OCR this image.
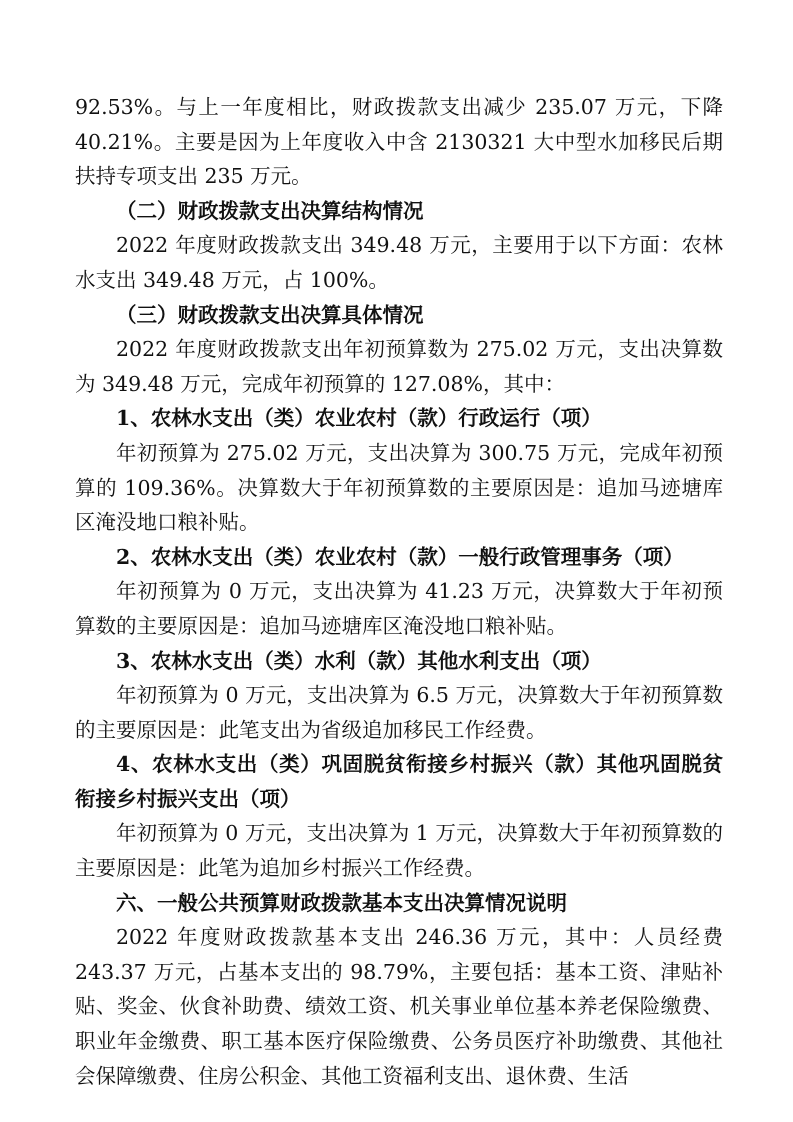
92.53%。与上一年度相比，财政拨款支出减少 235.07 万元，下降 40.21%。主要是因为上年度收入中含 2130321 大中型水加移民后期扶持专项支出 235 万元。

（二）财政拨款支出决算结构情况

2022 年度财政拨款支出 349.48 万元，主要用于以下方面：农林水支出 349.48 万元，占 100%。

（三）财政拨款支出决算具体情况

2022 年度财政拨款支出年初预算数为 275.02 万元，支出决算数为 349.48 万元，完成年初预算的 127.08%，其中：

1、农林水支出（类）农业农村（款）行政运行（项）

年初预算为 275.02 万元，支出决算为 300.75 万元，完成年初预算的 109.36%。决算数大于年初预算数的主要原因是：追加马迹塘库区淹没地口粮补贴。

2、农林水支出（类）农业农村（款）一般行政管理事务（项）

年初预算为 0 万元，支出决算为 41.23 万元，决算数大于年初预算数的主要原因是：追加马迹塘库区淹没地口粮补贴。

3、农林水支出（类）水利（款）其他水利支出（项）

年初预算为 0 万元，支出决算为 6.5 万元，决算数大于年初预算数的主要原因是：此笔支出为省级追加移民工作经费。

4、农林水支出（类）巩固脱贫衔接乡村振兴（款）其他巩固脱贫衔接乡村振兴支出（项）

年初预算为 0 万元，支出决算为 1 万元，决算数大于年初预算数的主要原因是：此笔为追加乡村振兴工作经费。

六、一般公共预算财政拨款基本支出决算情况说明

2022 年度财政拨款基本支出 246.36 万元，其中：人员经费 243.37 万元，占基本支出的 98.79%，主要包括：基本工资、津贴补贴、奖金、伙食补助费、绩效工资、机关事业单位基本养老保险缴费、职业年金缴费、职工基本医疗保险缴费、公务员医疗补助缴费、其他社会保障缴费、住房公积金、其他工资福利支出、退休费、生活
